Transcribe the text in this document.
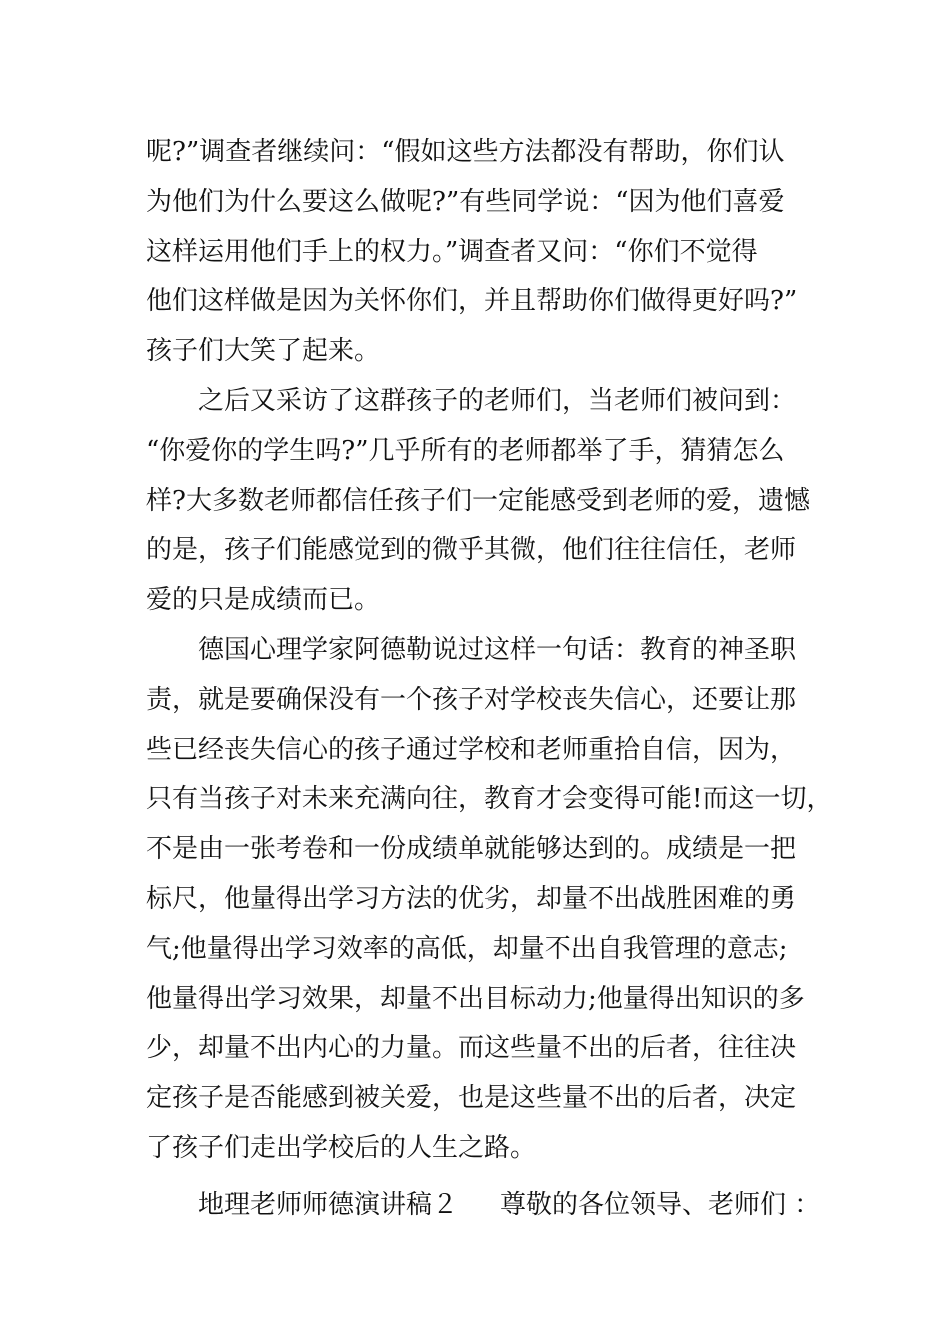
呢?”调查者继续问：“假如这些方法都没有帮助，你们认
为他们为什么要这么做呢?”有些同学说：“因为他们喜爱
这样运用他们手上的权力。”调查者又问：“你们不觉得
他们这样做是因为关怀你们，并且帮助你们做得更好吗?”
孩子们大笑了起来。
之后又采访了这群孩子的老师们，当老师们被问到：
“你爱你的学生吗?”几乎所有的老师都举了手，猜猜怎么
样?大多数老师都信任孩子们一定能感受到老师的爱，遗憾
的是，孩子们能感觉到的微乎其微，他们往往信任，老师
爱的只是成绩而已。
德国心理学家阿德勒说过这样一句话：教育的神圣职
责，就是要确保没有一个孩子对学校丧失信心，还要让那
些已经丧失信心的孩子通过学校和老师重拾自信，因为，
只有当孩子对未来充满向往，教育才会变得可能!而这一切，
不是由一张考卷和一份成绩单就能够达到的。成绩是一把
标尺，他量得出学习方法的优劣，却量不出战胜困难的勇
气;他量得出学习效率的高低，却量不出自我管理的意志;
他量得出学习效果，却量不出目标动力;他量得出知识的多
少，却量不出内心的力量。而这些量不出的后者，往往决
定孩子是否能感到被关爱，也是这些量不出的后者，决定
了孩子们走出学校后的人生之路。
地理老师师德演讲稿２ 尊敬的各位领导、老师们 ：
